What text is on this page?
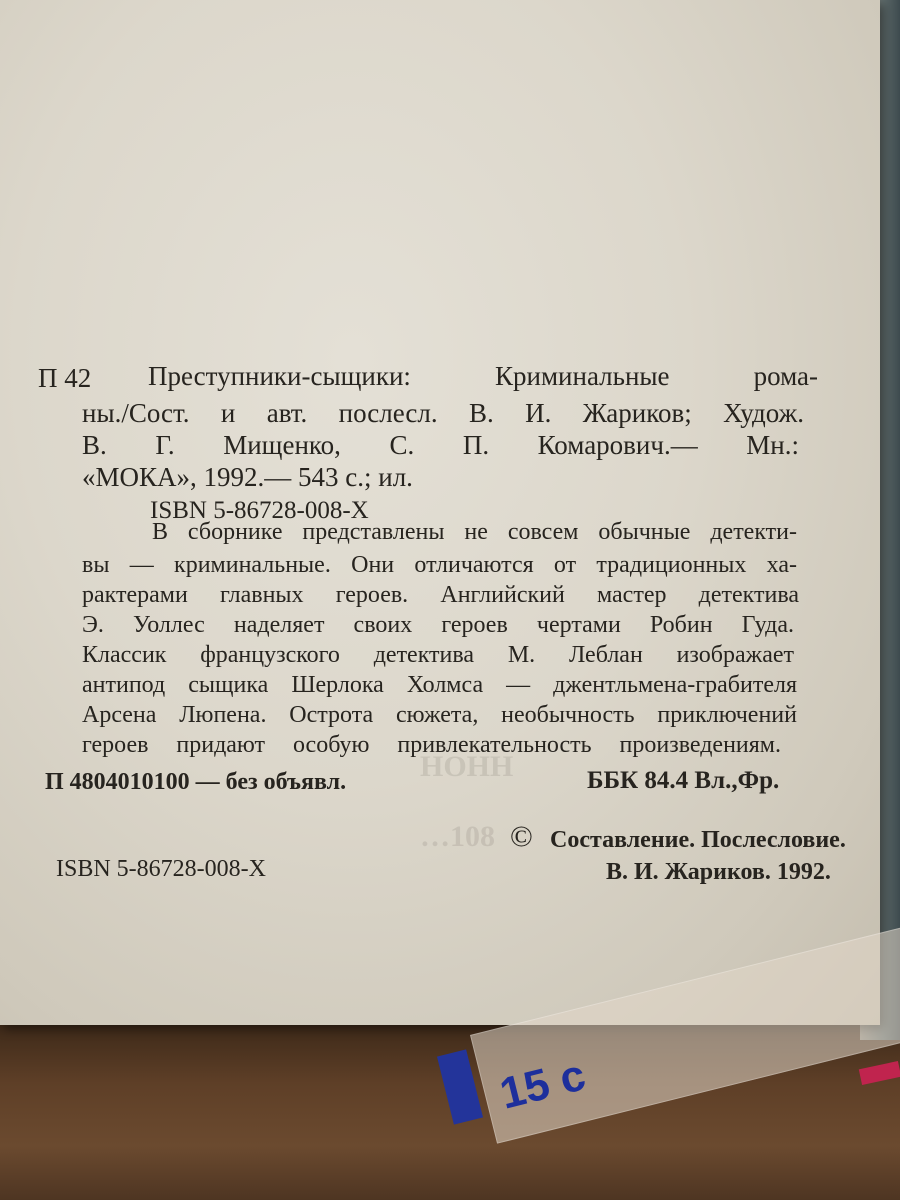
П 42 Преступники-сыщики: Криминальные рома-
ны./Сост. и авт. послесл. В. И. Жариков; Худож.
В. Г. Мищенко, С. П. Комарович.— Мн.:
«МОКА», 1992.— 543 с.; ил.
ISBN 5-86728-008-X
В сборнике представлены не совсем обычные детекти-
вы — криминальные. Они отличаются от традиционных ха-
рактерами главных героев. Английский мастер детектива
Э. Уоллес наделяет своих героев чертами Робин Гуда.
Классик французского детектива М. Леблан изображает
антипод сыщика Шерлока Холмса — джентльмена-грабителя
Арсена Люпена. Острота сюжета, необычность приключений
героев придают особую привлекательность произведениям.
HOHH
…108
П 4804010100 — без объявл.	ББК 84.4 Вл.,Фр.
© Составление. Послесловие.
В. И. Жариков. 1992.
ISBN 5-86728-008-X
15 c
